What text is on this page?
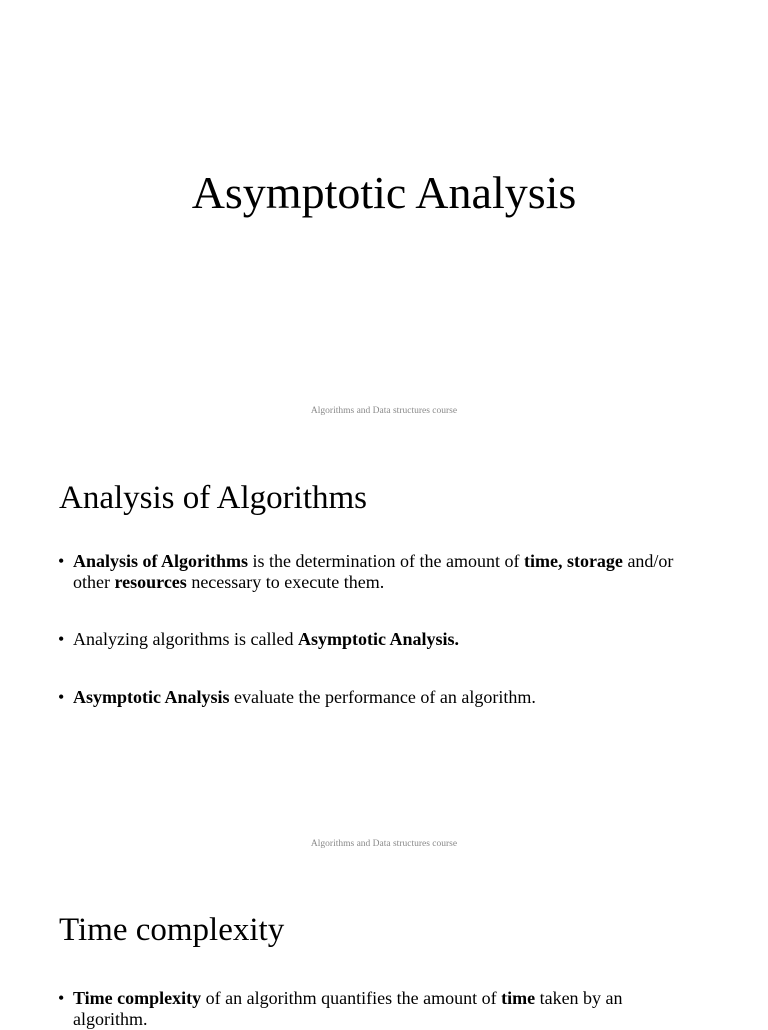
Asymptotic Analysis
Algorithms and Data structures course
Analysis of Algorithms
• Analysis of Algorithms is the determination of the amount of time, storage and/or other resources necessary to execute them.
• Analyzing algorithms is called Asymptotic Analysis.
• Asymptotic Analysis evaluate the performance of an algorithm.
Algorithms and Data structures course
Time complexity
• Time complexity of an algorithm quantifies the amount of time taken by an algorithm.
